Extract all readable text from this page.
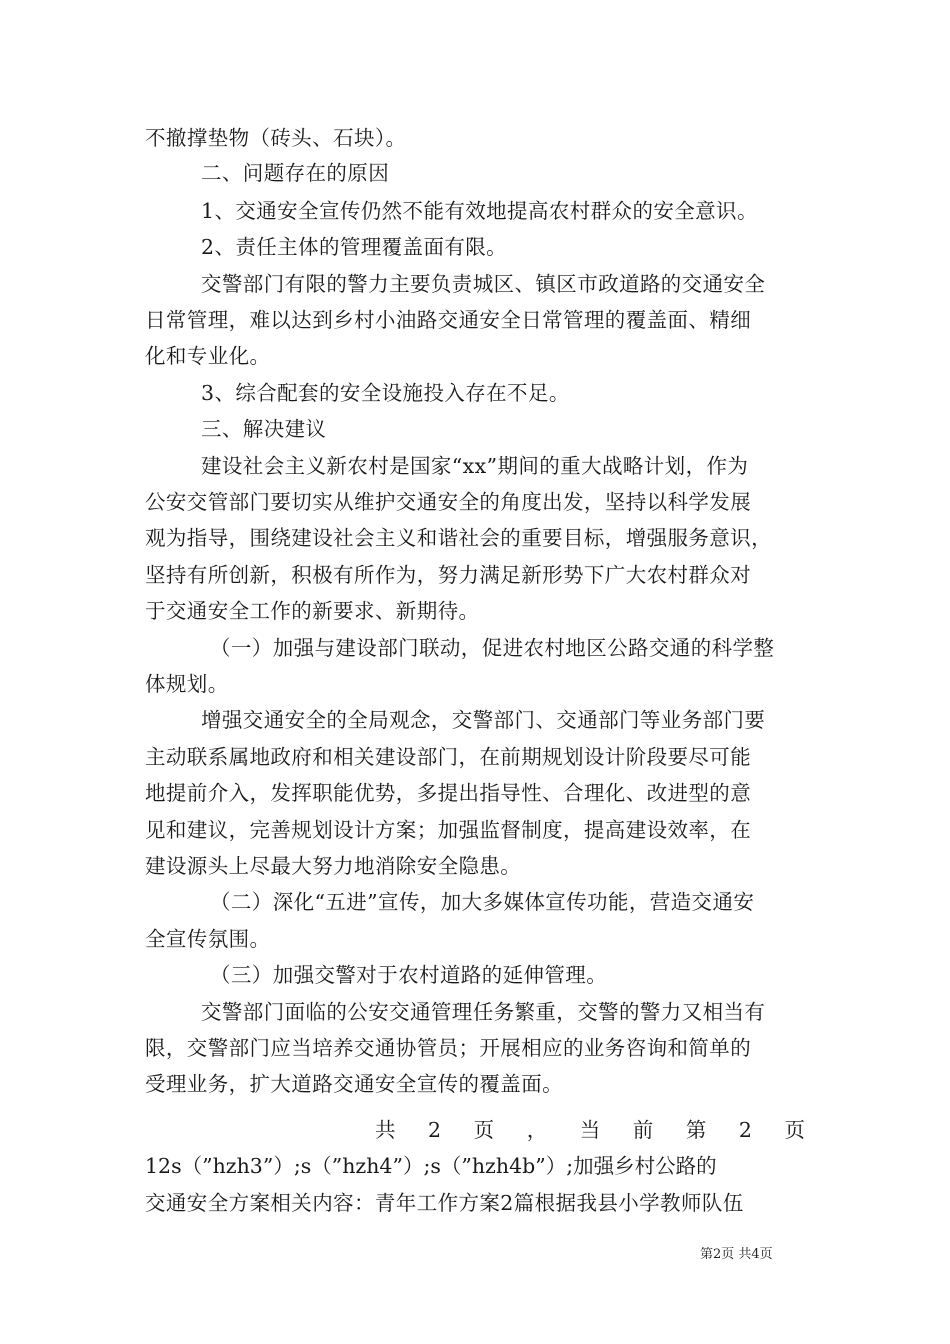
不撤撑垫物（砖头、石块）。
二、问题存在的原因
1、交通安全宣传仍然不能有效地提高农村群众的安全意识。
2、责任主体的管理覆盖面有限。
交警部门有限的警力主要负责城区、镇区市政道路的交通安全
日常管理，难以达到乡村小油路交通安全日常管理的覆盖面、精细
化和专业化。
3、综合配套的安全设施投入存在不足。
三、解决建议
建设社会主义新农村是国家“xx”期间的重大战略计划，作为
公安交管部门要切实从维护交通安全的角度出发，坚持以科学发展
观为指导，围绕建设社会主义和谐社会的重要目标，增强服务意识，
坚持有所创新，积极有所作为，努力满足新形势下广大农村群众对
于交通安全工作的新要求、新期待。
（一）加强与建设部门联动，促进农村地区公路交通的科学整
体规划。
增强交通安全的全局观念，交警部门、交通部门等业务部门要
主动联系属地政府和相关建设部门，在前期规划设计阶段要尽可能
地提前介入，发挥职能优势，多提出指导性、合理化、改进型的意
见和建议，完善规划设计方案；加强监督制度，提高建设效率，在
建设源头上尽最大努力地消除安全隐患。
（二）深化“五进”宣传，加大多媒体宣传功能，营造交通安
全宣传氛围。
（三）加强交警对于农村道路的延伸管理。
交警部门面临的公安交通管理任务繁重，交警的警力又相当有
限，交警部门应当培养交通协管员；开展相应的业务咨询和简单的
受理业务，扩大道路交通安全宣传的覆盖面。
共 2 页 ， 当 前 第 2 页
12s（”hzh3”）;s（”hzh4”）;s（”hzh4b”）;加强乡村公路的
交通安全方案相关内容：青年工作方案2篇根据我县小学教师队伍
第2页 共4页
